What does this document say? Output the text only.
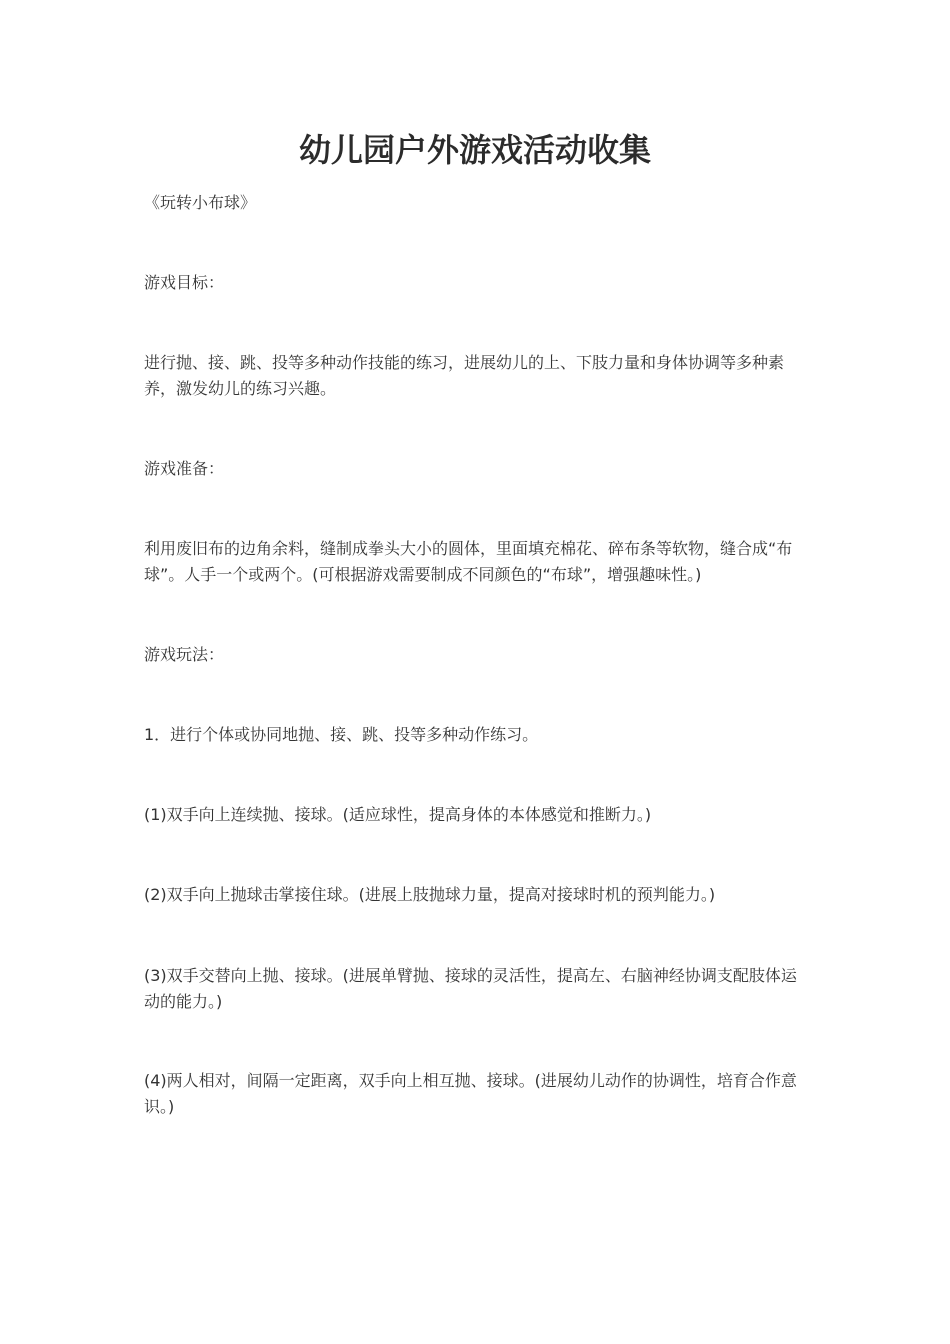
幼儿园户外游戏活动收集

《玩转小布球》

游戏目标：

进行抛、接、跳、投等多种动作技能的练习，进展幼儿的上、下肢力量和身体协调等多种素养，激发幼儿的练习兴趣。

游戏准备：

利用废旧布的边角余料，缝制成拳头大小的圆体，里面填充棉花、碎布条等软物，缝合成“布球”。人手一个或两个。(可根据游戏需要制成不同颜色的“布球”，增强趣味性。)

游戏玩法：

1．进行个体或协同地抛、接、跳、投等多种动作练习。

(1)双手向上连续抛、接球。(适应球性，提高身体的本体感觉和推断力。)

(2)双手向上抛球击掌接住球。(进展上肢抛球力量，提高对接球时机的预判能力。)

(3)双手交替向上抛、接球。(进展单臂抛、接球的灵活性，提高左、右脑神经协调支配肢体运动的能力。)

(4)两人相对，间隔一定距离，双手向上相互抛、接球。(进展幼儿动作的协调性，培育合作意识。)
